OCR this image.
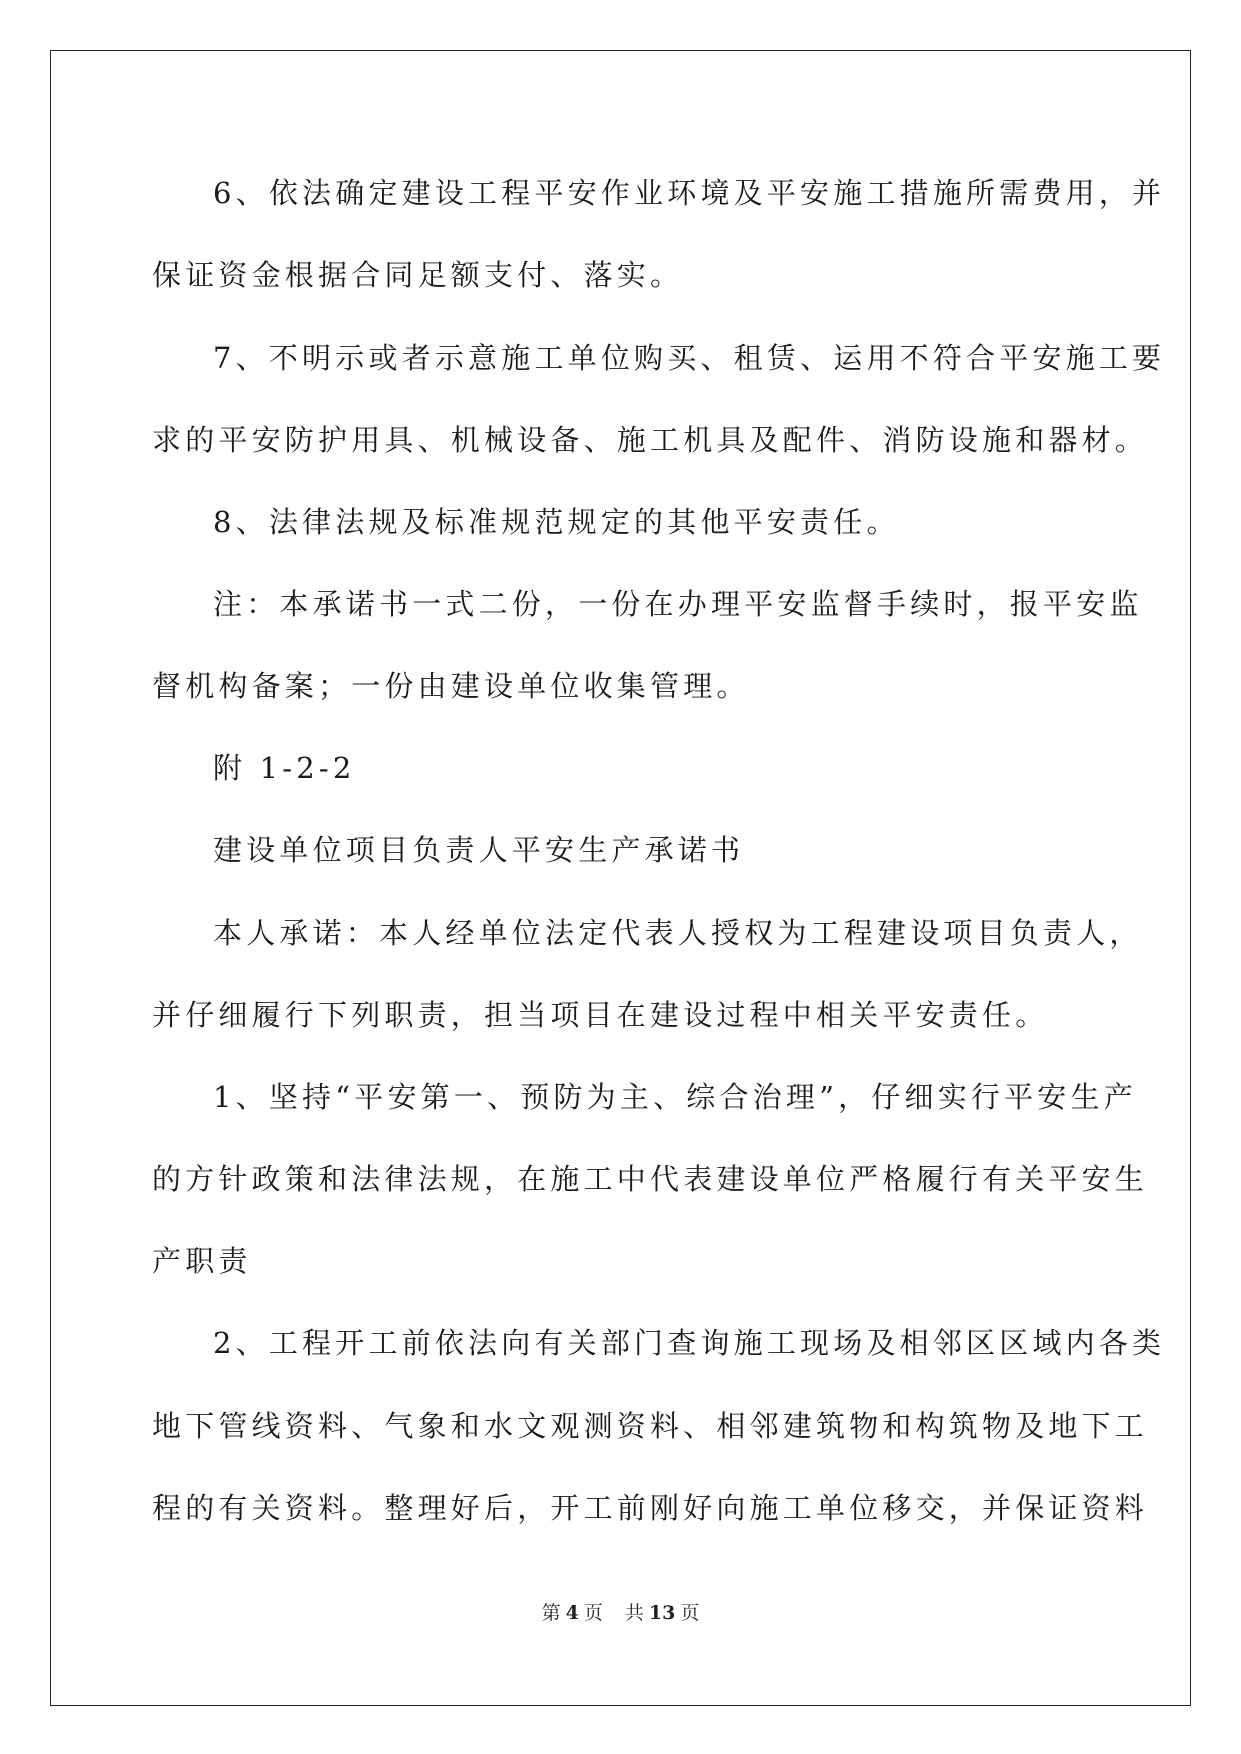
6、依法确定建设工程平安作业环境及平安施工措施所需费用，并
保证资金根据合同足额支付、落实。
7、不明示或者示意施工单位购买、租赁、运用不符合平安施工要
求的平安防护用具、机械设备、施工机具及配件、消防设施和器材。
8、法律法规及标准规范规定的其他平安责任。
注：本承诺书一式二份，一份在办理平安监督手续时，报平安监
督机构备案；一份由建设单位收集管理。
附 1-2-2
建设单位项目负责人平安生产承诺书
本人承诺：本人经单位法定代表人授权为工程建设项目负责人，
并仔细履行下列职责，担当项目在建设过程中相关平安责任。
1、坚持“平安第一、预防为主、综合治理”，仔细实行平安生产
的方针政策和法律法规，在施工中代表建设单位严格履行有关平安生
产职责
2、工程开工前依法向有关部门查询施工现场及相邻区区域内各类
地下管线资料、气象和水文观测资料、相邻建筑物和构筑物及地下工
程的有关资料。整理好后，开工前刚好向施工单位移交，并保证资料
第 4 页 共 13 页
